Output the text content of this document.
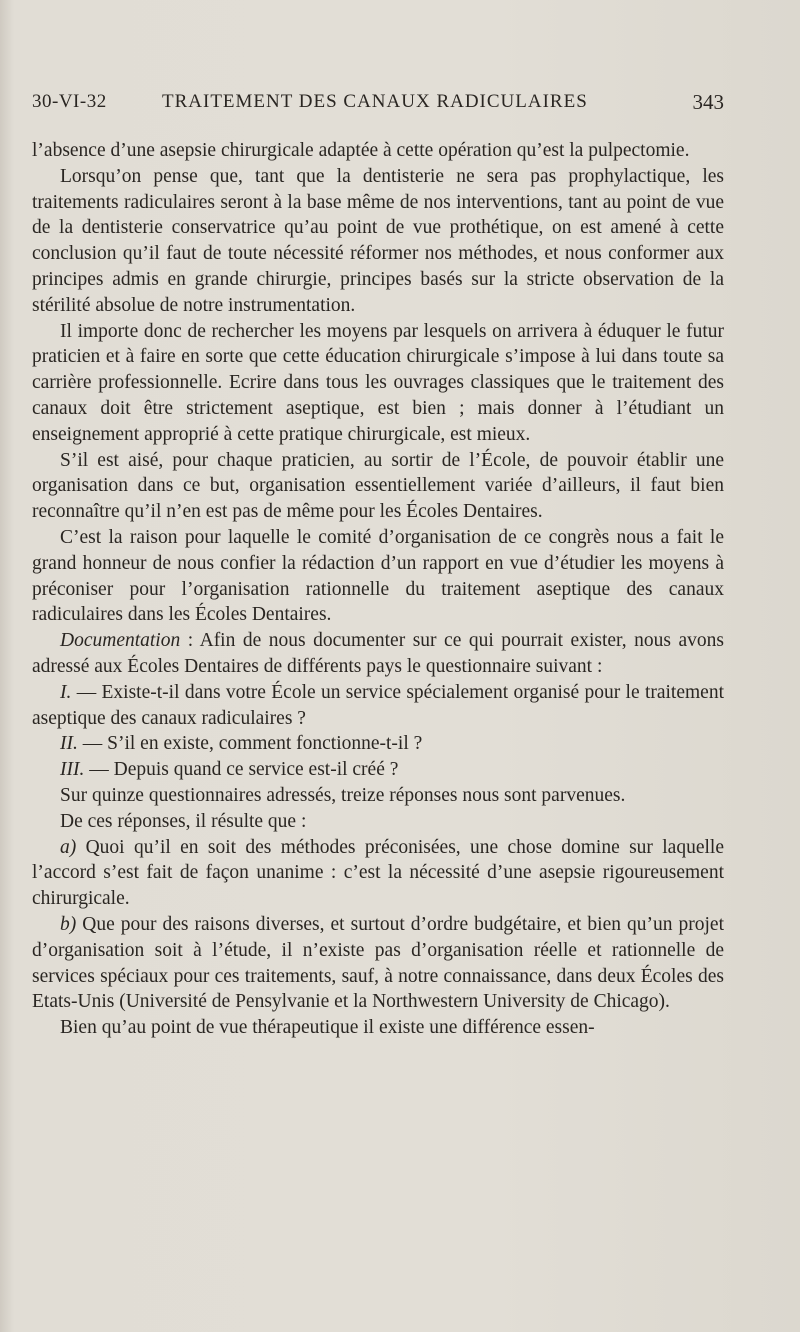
30-VI-32	TRAITEMENT DES CANAUX RADICULAIRES	343

l’absence d’une asepsie chirurgicale adaptée à cette opération qu’est la pulpectomie.

Lorsqu’on pense que, tant que la dentisterie ne sera pas prophylactique, les traitements radiculaires seront à la base même de nos interventions, tant au point de vue de la dentisterie conservatrice qu’au point de vue prothétique, on est amené à cette conclusion qu’il faut de toute nécessité réformer nos méthodes, et nous conformer aux principes admis en grande chirurgie, principes basés sur la stricte observation de la stérilité absolue de notre instrumentation.

Il importe donc de rechercher les moyens par lesquels on arrivera à éduquer le futur praticien et à faire en sorte que cette éducation chirurgicale s’impose à lui dans toute sa carrière professionnelle. Ecrire dans tous les ouvrages classiques que le traitement des canaux doit être strictement aseptique, est bien ; mais donner à l’étudiant un enseignement approprié à cette pratique chirurgicale, est mieux.

S’il est aisé, pour chaque praticien, au sortir de l’École, de pouvoir établir une organisation dans ce but, organisation essentiellement variée d’ailleurs, il faut bien reconnaître qu’il n’en est pas de même pour les Écoles Dentaires.

C’est la raison pour laquelle le comité d’organisation de ce congrès nous a fait le grand honneur de nous confier la rédaction d’un rapport en vue d’étudier les moyens à préconiser pour l’organisation rationnelle du traitement aseptique des canaux radiculaires dans les Écoles Dentaires.

Documentation : Afin de nous documenter sur ce qui pourrait exister, nous avons adressé aux Écoles Dentaires de différents pays le questionnaire suivant :

I. — Existe-t-il dans votre École un service spécialement organisé pour le traitement aseptique des canaux radiculaires ?

II. — S’il en existe, comment fonctionne-t-il ?

III. — Depuis quand ce service est-il créé ?

Sur quinze questionnaires adressés, treize réponses nous sont parvenues.

De ces réponses, il résulte que :

a) Quoi qu’il en soit des méthodes préconisées, une chose domine sur laquelle l’accord s’est fait de façon unanime : c’est la nécessité d’une asepsie rigoureusement chirurgicale.

b) Que pour des raisons diverses, et surtout d’ordre budgétaire, et bien qu’un projet d’organisation soit à l’étude, il n’existe pas d’organisation réelle et rationnelle de services spéciaux pour ces traitements, sauf, à notre connaissance, dans deux Écoles des Etats-Unis (Université de Pensylvanie et la Northwestern University de Chicago).

Bien qu’au point de vue thérapeutique il existe une différence essen-
